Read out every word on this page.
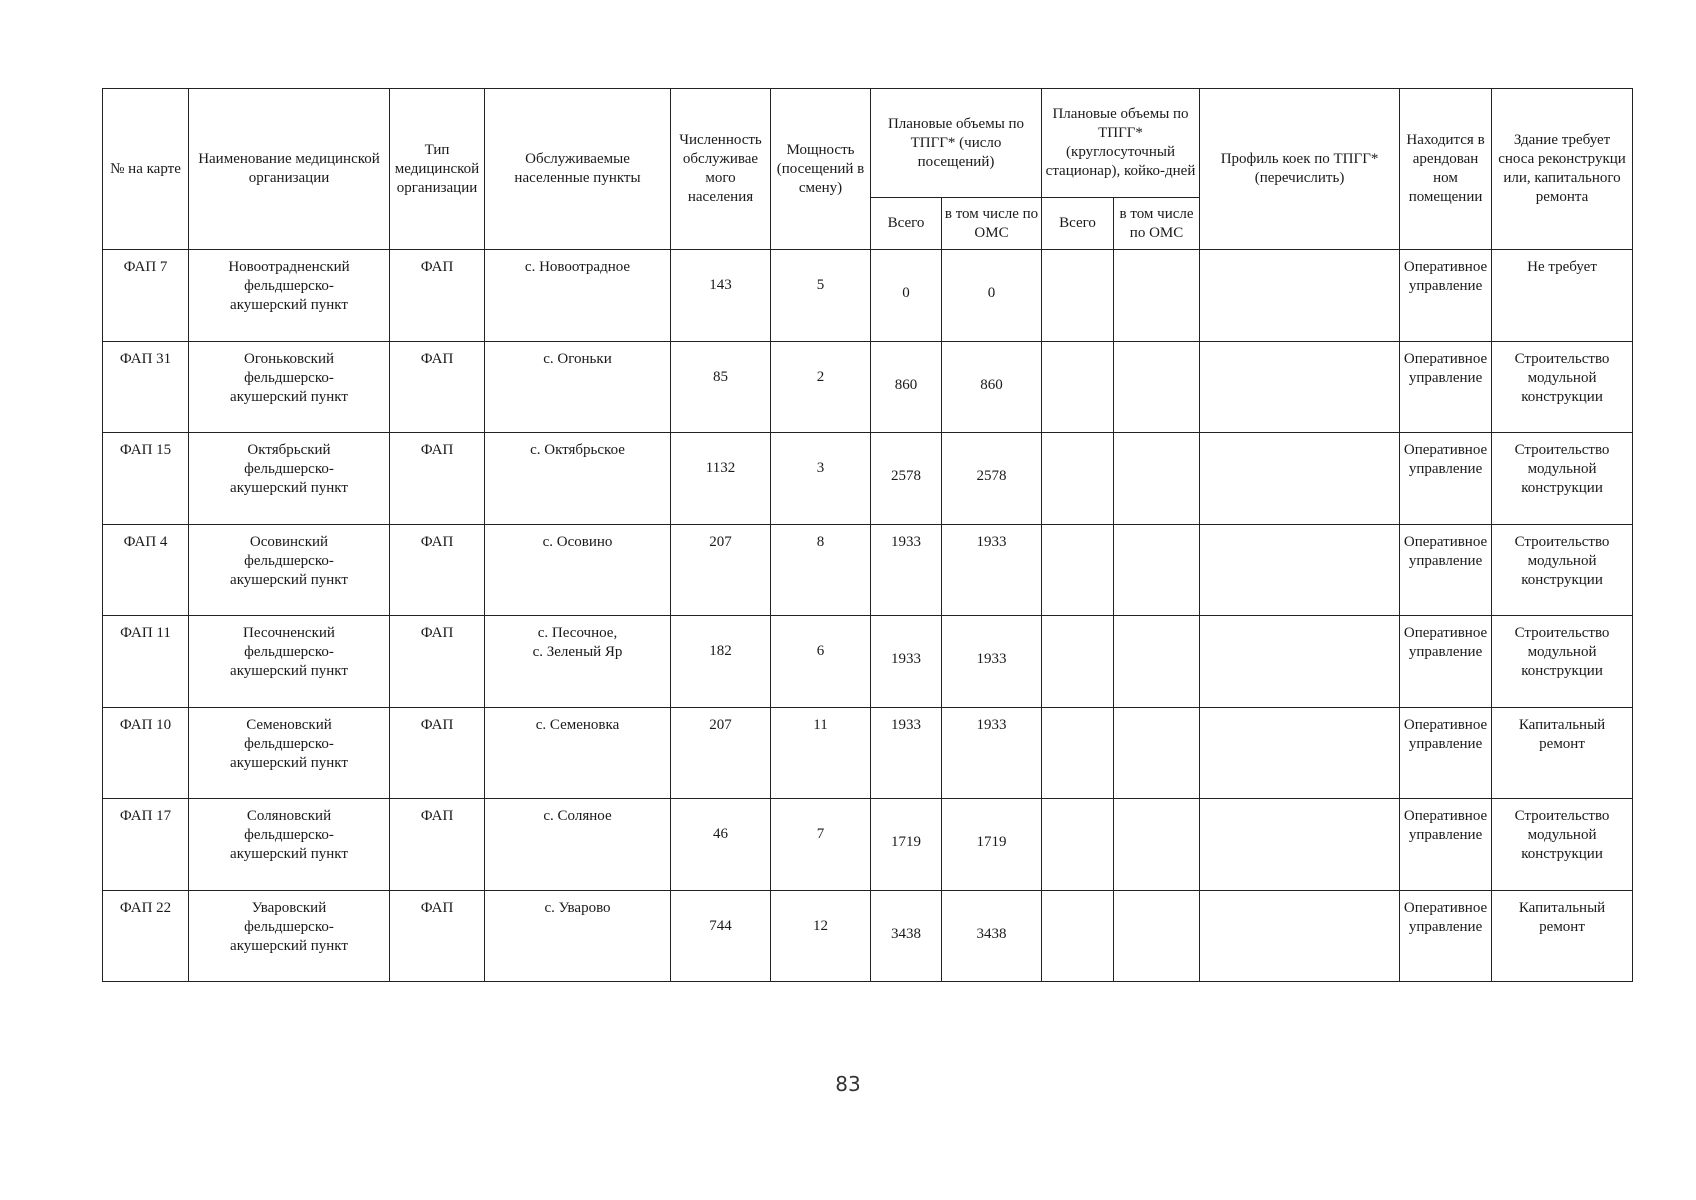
№ на карте	Наименование медицинской организации	Тип медицинской организации	Обслуживаемые населенные пункты	Численность обслуживае мого населения	Мощность (посещений в смену)	Плановые объемы по ТПГГ* (число посещений)		Плановые объемы по ТПГГ* (круглосуточный стационар), койко-дней		Профиль коек по ТПГГ* (перечислить)	Находится в арендован ном помещении	Здание требует сноса реконструкци или, капитального ремонта
						Всего	в том числе по ОМС	Всего	в том числе по ОМС			
ФАП 7	Новоотрадненский
фельдшерско-
акушерский пункт	ФАП	с. Новоотрадное	143	5	0	0				Оперативное
управление	Не требует
ФАП 31	Огоньковский
фельдшерско-
акушерский пункт	ФАП	с. Огоньки	85	2	860	860				Оперативное
управление	Строительство
модульной
конструкции
ФАП 15	Октябрьский
фельдшерско-
акушерский пункт	ФАП	с. Октябрьское	1132	3	2578	2578				Оперативное
управление	Строительство
модульной
конструкции
ФАП 4	Осовинский
фельдшерско-
акушерский пункт	ФАП	с. Осовино	207	8	1933	1933				Оперативное
управление	Строительство
модульной
конструкции
ФАП 11	Песочненский
фельдшерско-
акушерский пункт	ФАП	с. Песочное,
с. Зеленый Яр	182	6	1933	1933				Оперативное
управление	Строительство
модульной
конструкции
ФАП 10	Семеновский
фельдшерско-
акушерский пункт	ФАП	с. Семеновка	207	11	1933	1933				Оперативное
управление	Капитальный
ремонт
ФАП 17	Соляновский
фельдшерско-
акушерский пункт	ФАП	с. Соляное	46	7	1719	1719				Оперативное
управление	Строительство
модульной
конструкции
ФАП 22	Уваровский
фельдшерско-
акушерский пункт	ФАП	с. Уварово	744	12	3438	3438				Оперативное
управление	Капитальный
ремонт
83
